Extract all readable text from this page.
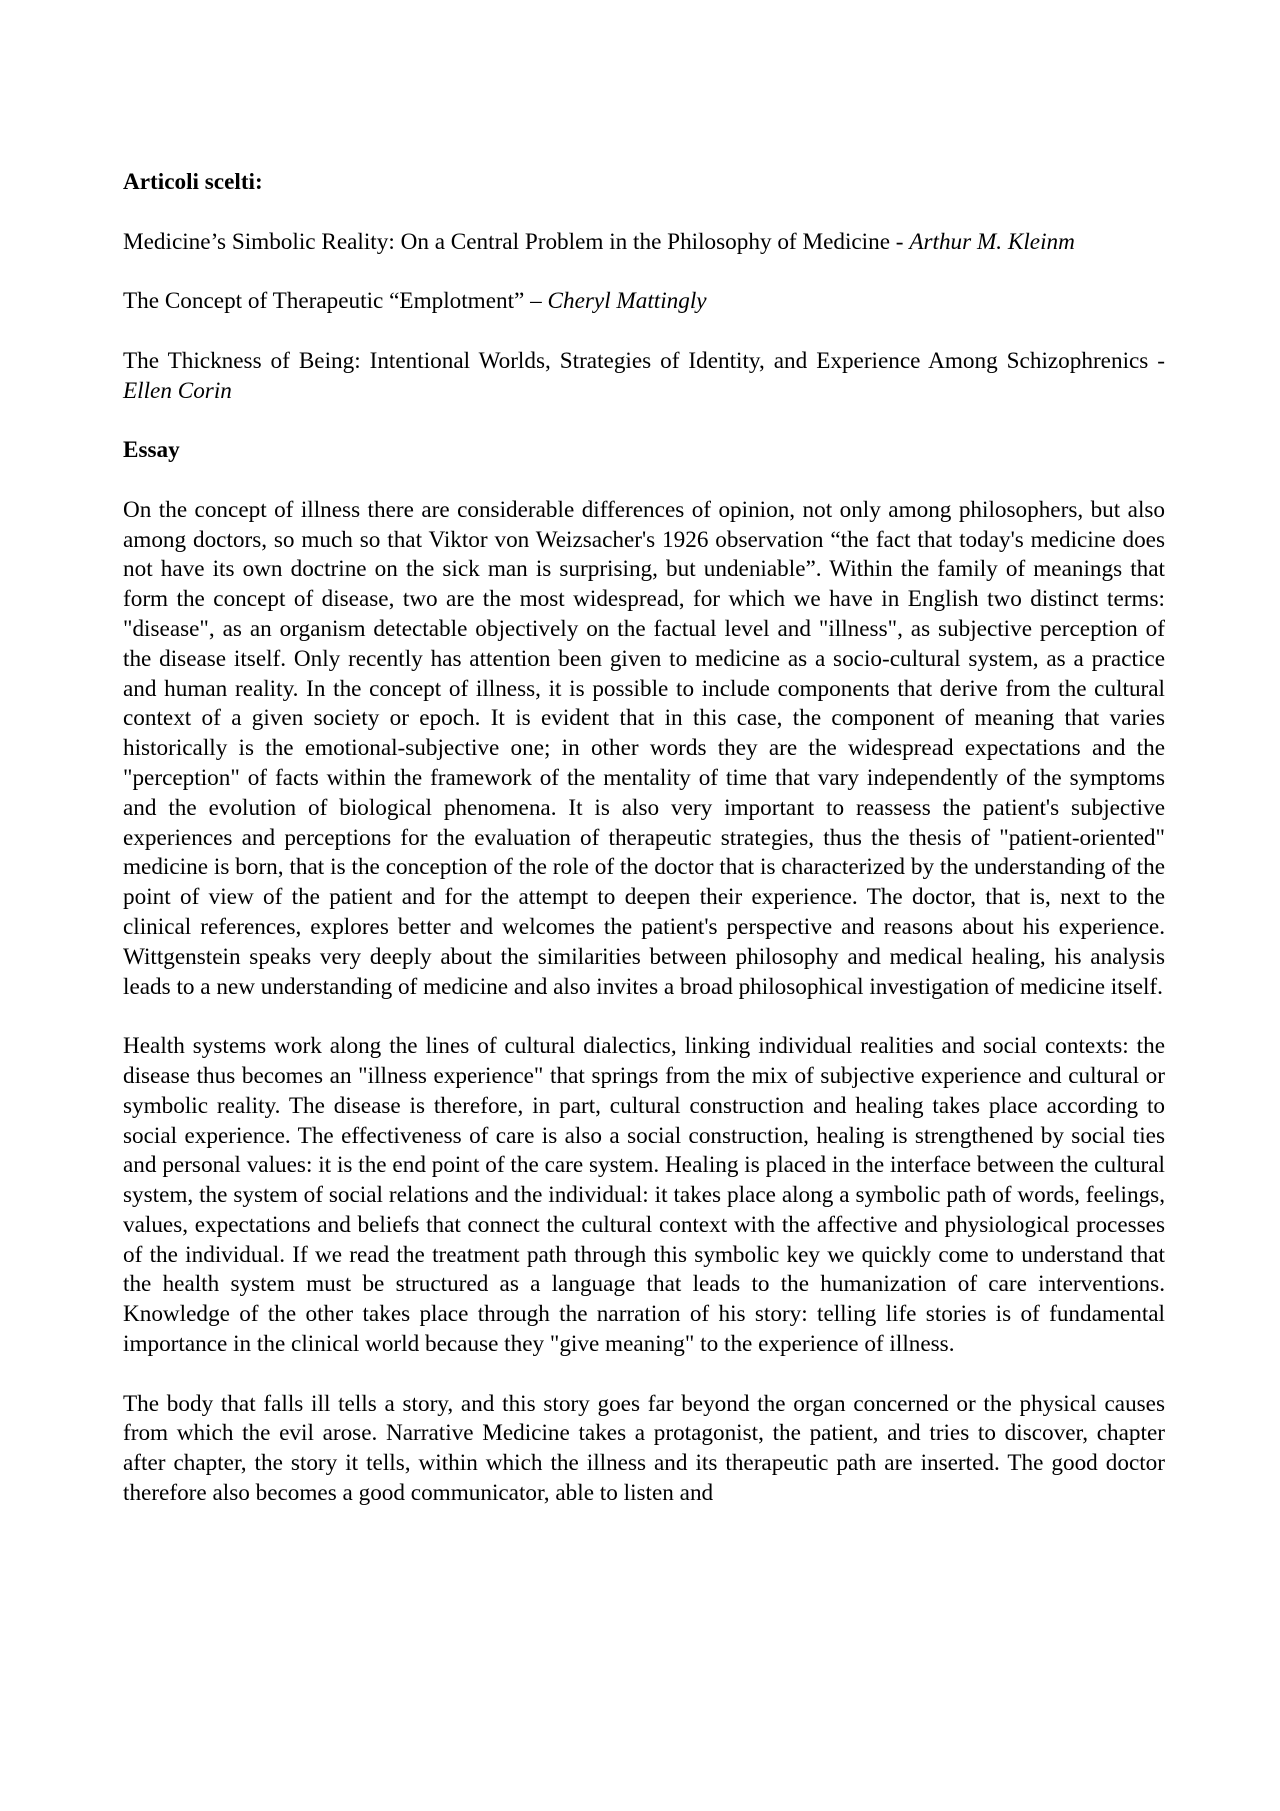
Articoli scelti:

Medicine’s Simbolic Reality: On a Central Problem in the Philosophy of Medicine - Arthur M. Kleinm

The Concept of Therapeutic “Emplotment” – Cheryl Mattingly

The Thickness of Being: Intentional Worlds, Strategies of Identity, and Experience Among Schizophrenics -Ellen Corin

Essay

On the concept of illness there are considerable differences of opinion, not only among philosophers, but also among doctors, so much so that Viktor von Weizsacher's 1926 observation “the fact that today's medicine does not have its own doctrine on the sick man is surprising, but undeniable”. Within the family of meanings that form the concept of disease, two are the most widespread, for which we have in English two distinct terms: "disease", as an organism detectable objectively on the factual level and "illness", as subjective perception of the disease itself. Only recently has attention been given to medicine as a socio-cultural system, as a practice and human reality. In the concept of illness, it is possible to include components that derive from the cultural context of a given society or epoch. It is evident that in this case, the component of meaning that varies historically is the emotional-subjective one; in other words they are the widespread expectations and the "perception" of facts within the framework of the mentality of time that vary independently of the symptoms and the evolution of biological phenomena. It is also very important to reassess the patient's subjective experiences and perceptions for the evaluation of therapeutic strategies, thus the thesis of "patient-oriented" medicine is born, that is the conception of the role of the doctor that is characterized by the understanding of the point of view of the patient and for the attempt to deepen their experience. The doctor, that is, next to the clinical references, explores better and welcomes the patient's perspective and reasons about his experience. Wittgenstein speaks very deeply about the similarities between philosophy and medical healing, his analysis leads to a new understanding of medicine and also invites a broad philosophical investigation of medicine itself.

Health systems work along the lines of cultural dialectics, linking individual realities and social contexts: the disease thus becomes an "illness experience" that springs from the mix of subjective experience and cultural or symbolic reality. The disease is therefore, in part, cultural construction and healing takes place according to social experience. The effectiveness of care is also a social construction, healing is strengthened by social ties and personal values: it is the end point of the care system. Healing is placed in the interface between the cultural system, the system of social relations and the individual: it takes place along a symbolic path of words, feelings, values, expectations and beliefs that connect the cultural context with the affective and physiological processes of the individual. If we read the treatment path through this symbolic key we quickly come to understand that the health system must be structured as a language that leads to the humanization of care interventions. Knowledge of the other takes place through the narration of his story: telling life stories is of fundamental importance in the clinical world because they "give meaning" to the experience of illness.

The body that falls ill tells a story, and this story goes far beyond the organ concerned or the physical causes from which the evil arose. Narrative Medicine takes a protagonist, the patient, and tries to discover, chapter after chapter, the story it tells, within which the illness and its therapeutic path are inserted. The good doctor therefore also becomes a good communicator, able to listen and
